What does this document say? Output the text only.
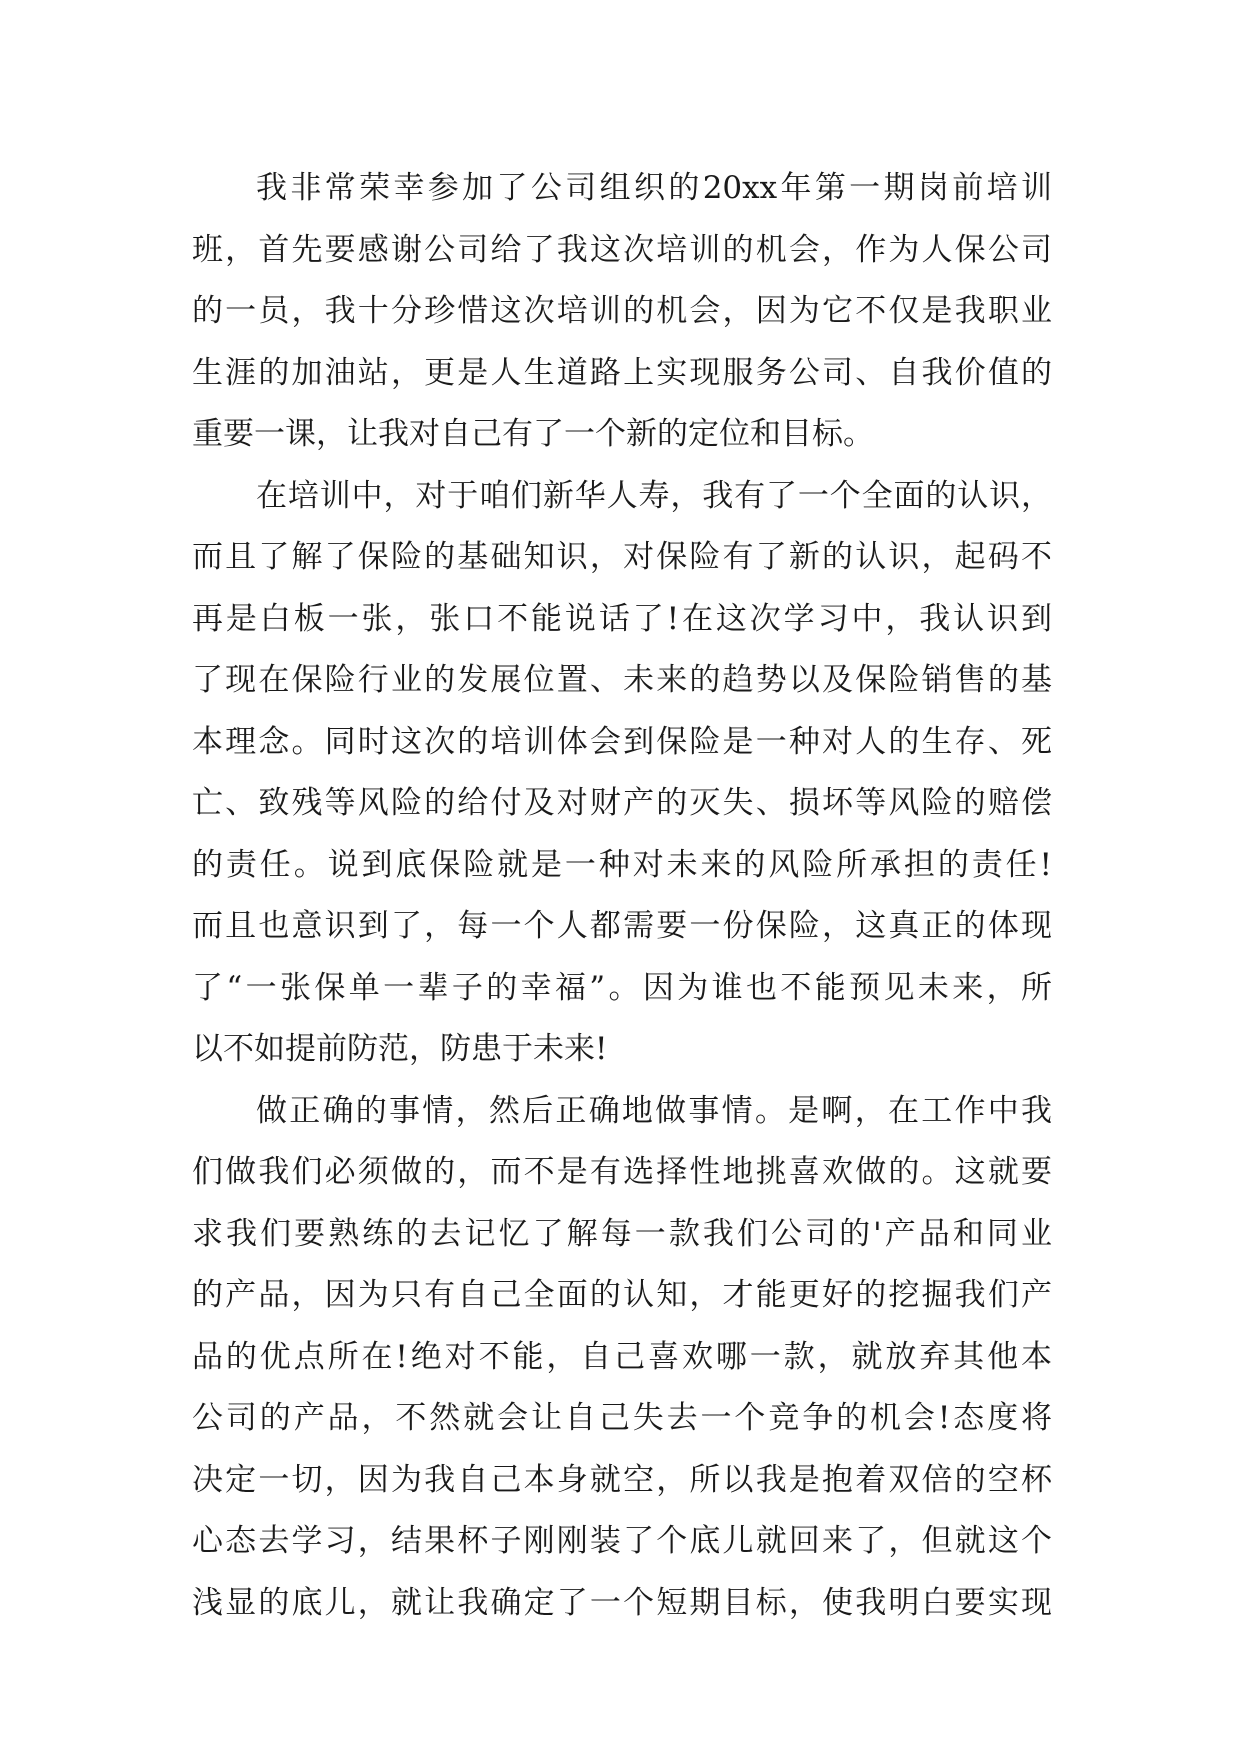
我非常荣幸参加了公司组织的20xx年第一期岗前培训
班，首先要感谢公司给了我这次培训的机会，作为人保公司
的一员，我十分珍惜这次培训的机会，因为它不仅是我职业
生涯的加油站，更是人生道路上实现服务公司、自我价值的
重要一课，让我对自己有了一个新的定位和目标。
在培训中，对于咱们新华人寿，我有了一个全面的认识，
而且了解了保险的基础知识，对保险有了新的认识，起码不
再是白板一张，张口不能说话了!在这次学习中，我认识到
了现在保险行业的发展位置、未来的趋势以及保险销售的基
本理念。同时这次的培训体会到保险是一种对人的生存、死
亡、致残等风险的给付及对财产的灭失、损坏等风险的赔偿
的责任。说到底保险就是一种对未来的风险所承担的责任!
而且也意识到了，每一个人都需要一份保险，这真正的体现
了“一张保单一辈子的幸福”。因为谁也不能预见未来，所
以不如提前防范，防患于未来!
做正确的事情，然后正确地做事情。是啊，在工作中我
们做我们必须做的，而不是有选择性地挑喜欢做的。这就要
求我们要熟练的去记忆了解每一款我们公司的'产品和同业
的产品，因为只有自己全面的认知，才能更好的挖掘我们产
品的优点所在!绝对不能，自己喜欢哪一款，就放弃其他本
公司的产品，不然就会让自己失去一个竞争的机会!态度将
决定一切，因为我自己本身就空，所以我是抱着双倍的空杯
心态去学习，结果杯子刚刚装了个底儿就回来了，但就这个
浅显的底儿，就让我确定了一个短期目标，使我明白要实现
